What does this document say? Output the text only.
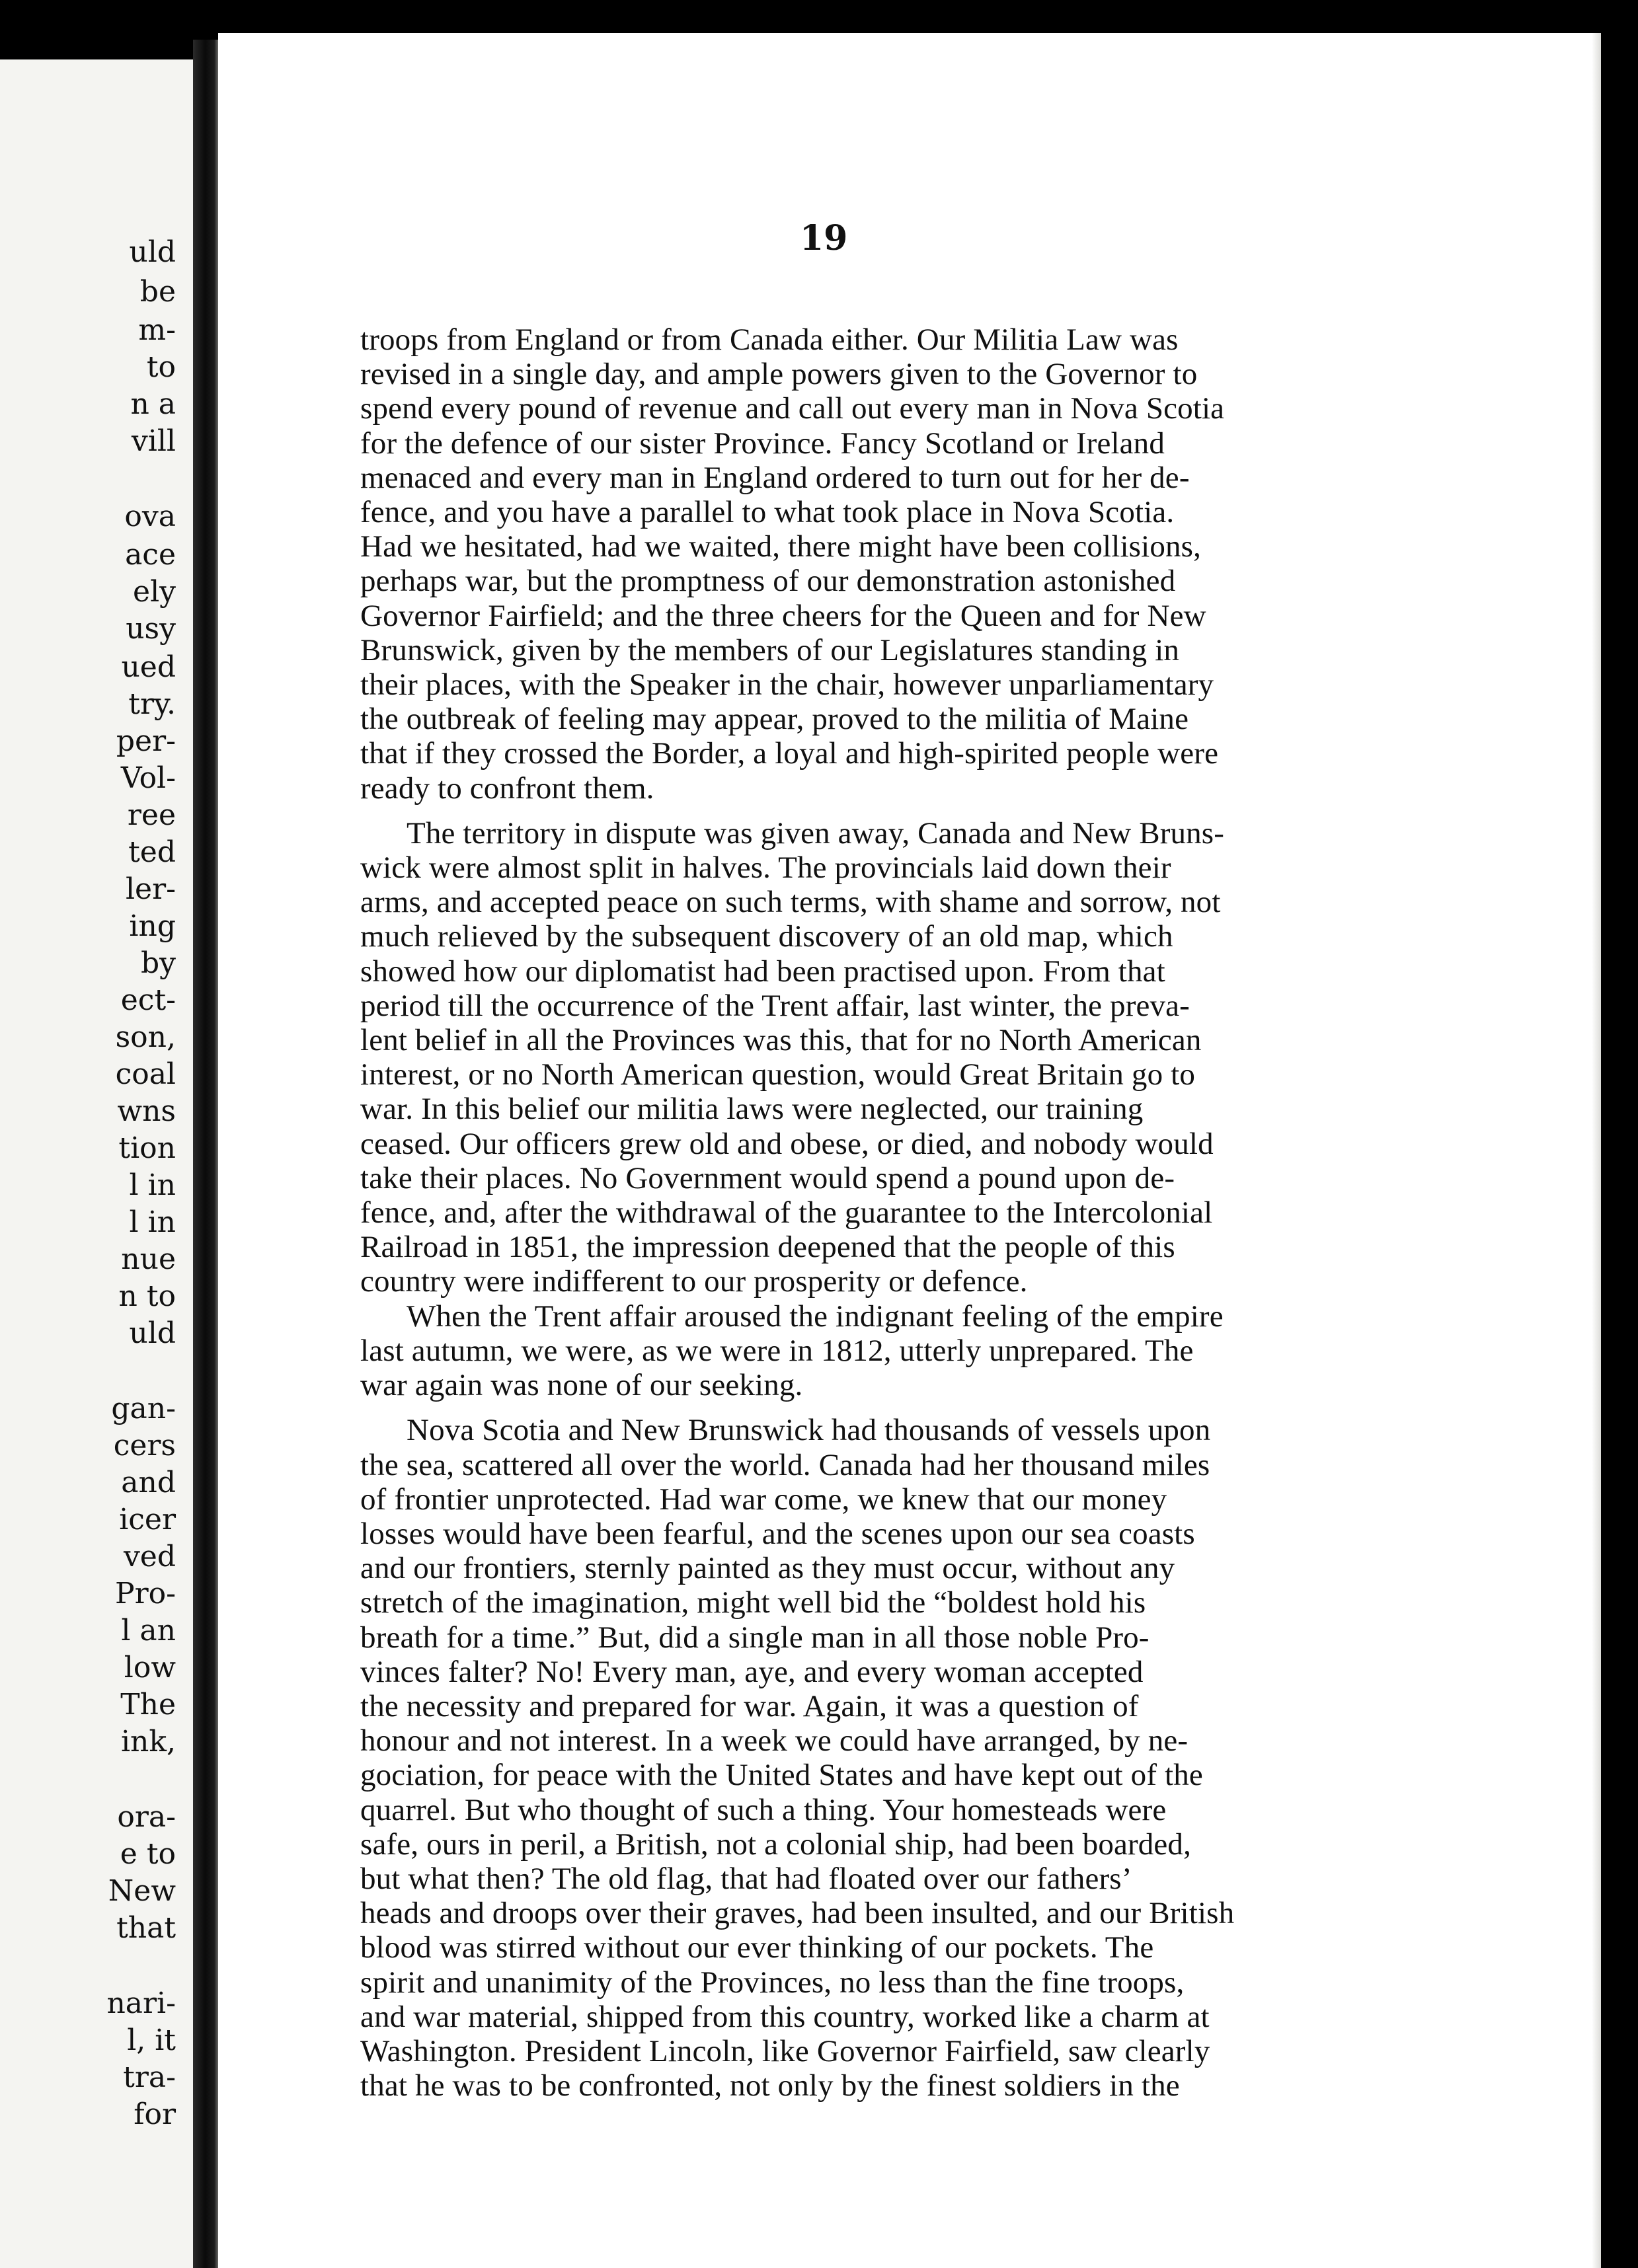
uld
be
m-
to
n a
vill
ova
ace
ely
usy
ued
try.
per-
Vol-
ree
ted
ler-
ing
by
ect-
son,
coal
wns
tion
l in
l in
nue
n to
uld
gan-
cers
and
icer
ved
Pro-
l an
low
The
ink,
ora-
e to
New
that
nari-
l, it
tra-
for
19

troops from England or from Canada either. Our Militia Law was
revised in a single day, and ample powers given to the Governor to
spend every pound of revenue and call out every man in Nova Scotia
for the defence of our sister Province. Fancy Scotland or Ireland
menaced and every man in England ordered to turn out for her de-
fence, and you have a parallel to what took place in Nova Scotia.
Had we hesitated, had we waited, there might have been collisions,
perhaps war, but the promptness of our demonstration astonished
Governor Fairfield; and the three cheers for the Queen and for New
Brunswick, given by the members of our Legislatures standing in
their places, with the Speaker in the chair, however unparliamentary
the outbreak of feeling may appear, proved to the militia of Maine
that if they crossed the Border, a loyal and high-spirited people were
ready to confront them.

The territory in dispute was given away, Canada and New Bruns-
wick were almost split in halves. The provincials laid down their
arms, and accepted peace on such terms, with shame and sorrow, not
much relieved by the subsequent discovery of an old map, which
showed how our diplomatist had been practised upon. From that
period till the occurrence of the Trent affair, last winter, the preva-
lent belief in all the Provinces was this, that for no North American
interest, or no North American question, would Great Britain go to
war. In this belief our militia laws were neglected, our training
ceased. Our officers grew old and obese, or died, and nobody would
take their places. No Government would spend a pound upon de-
fence, and, after the withdrawal of the guarantee to the Intercolonial
Railroad in 1851, the impression deepened that the people of this
country were indifferent to our prosperity or defence.

When the Trent affair aroused the indignant feeling of the empire
last autumn, we were, as we were in 1812, utterly unprepared. The
war again was none of our seeking.

Nova Scotia and New Brunswick had thousands of vessels upon
the sea, scattered all over the world. Canada had her thousand miles
of frontier unprotected. Had war come, we knew that our money
losses would have been fearful, and the scenes upon our sea coasts
and our frontiers, sternly painted as they must occur, without any
stretch of the imagination, might well bid the “boldest hold his
breath for a time.” But, did a single man in all those noble Pro-
vinces falter? No! Every man, aye, and every woman accepted
the necessity and prepared for war. Again, it was a question of
honour and not interest. In a week we could have arranged, by ne-
gociation, for peace with the United States and have kept out of the
quarrel. But who thought of such a thing. Your homesteads were
safe, ours in peril, a British, not a colonial ship, had been boarded,
but what then? The old flag, that had floated over our fathers’
heads and droops over their graves, had been insulted, and our British
blood was stirred without our ever thinking of our pockets. The
spirit and unanimity of the Provinces, no less than the fine troops,
and war material, shipped from this country, worked like a charm at
Washington. President Lincoln, like Governor Fairfield, saw clearly
that he was to be confronted, not only by the finest soldiers in the
